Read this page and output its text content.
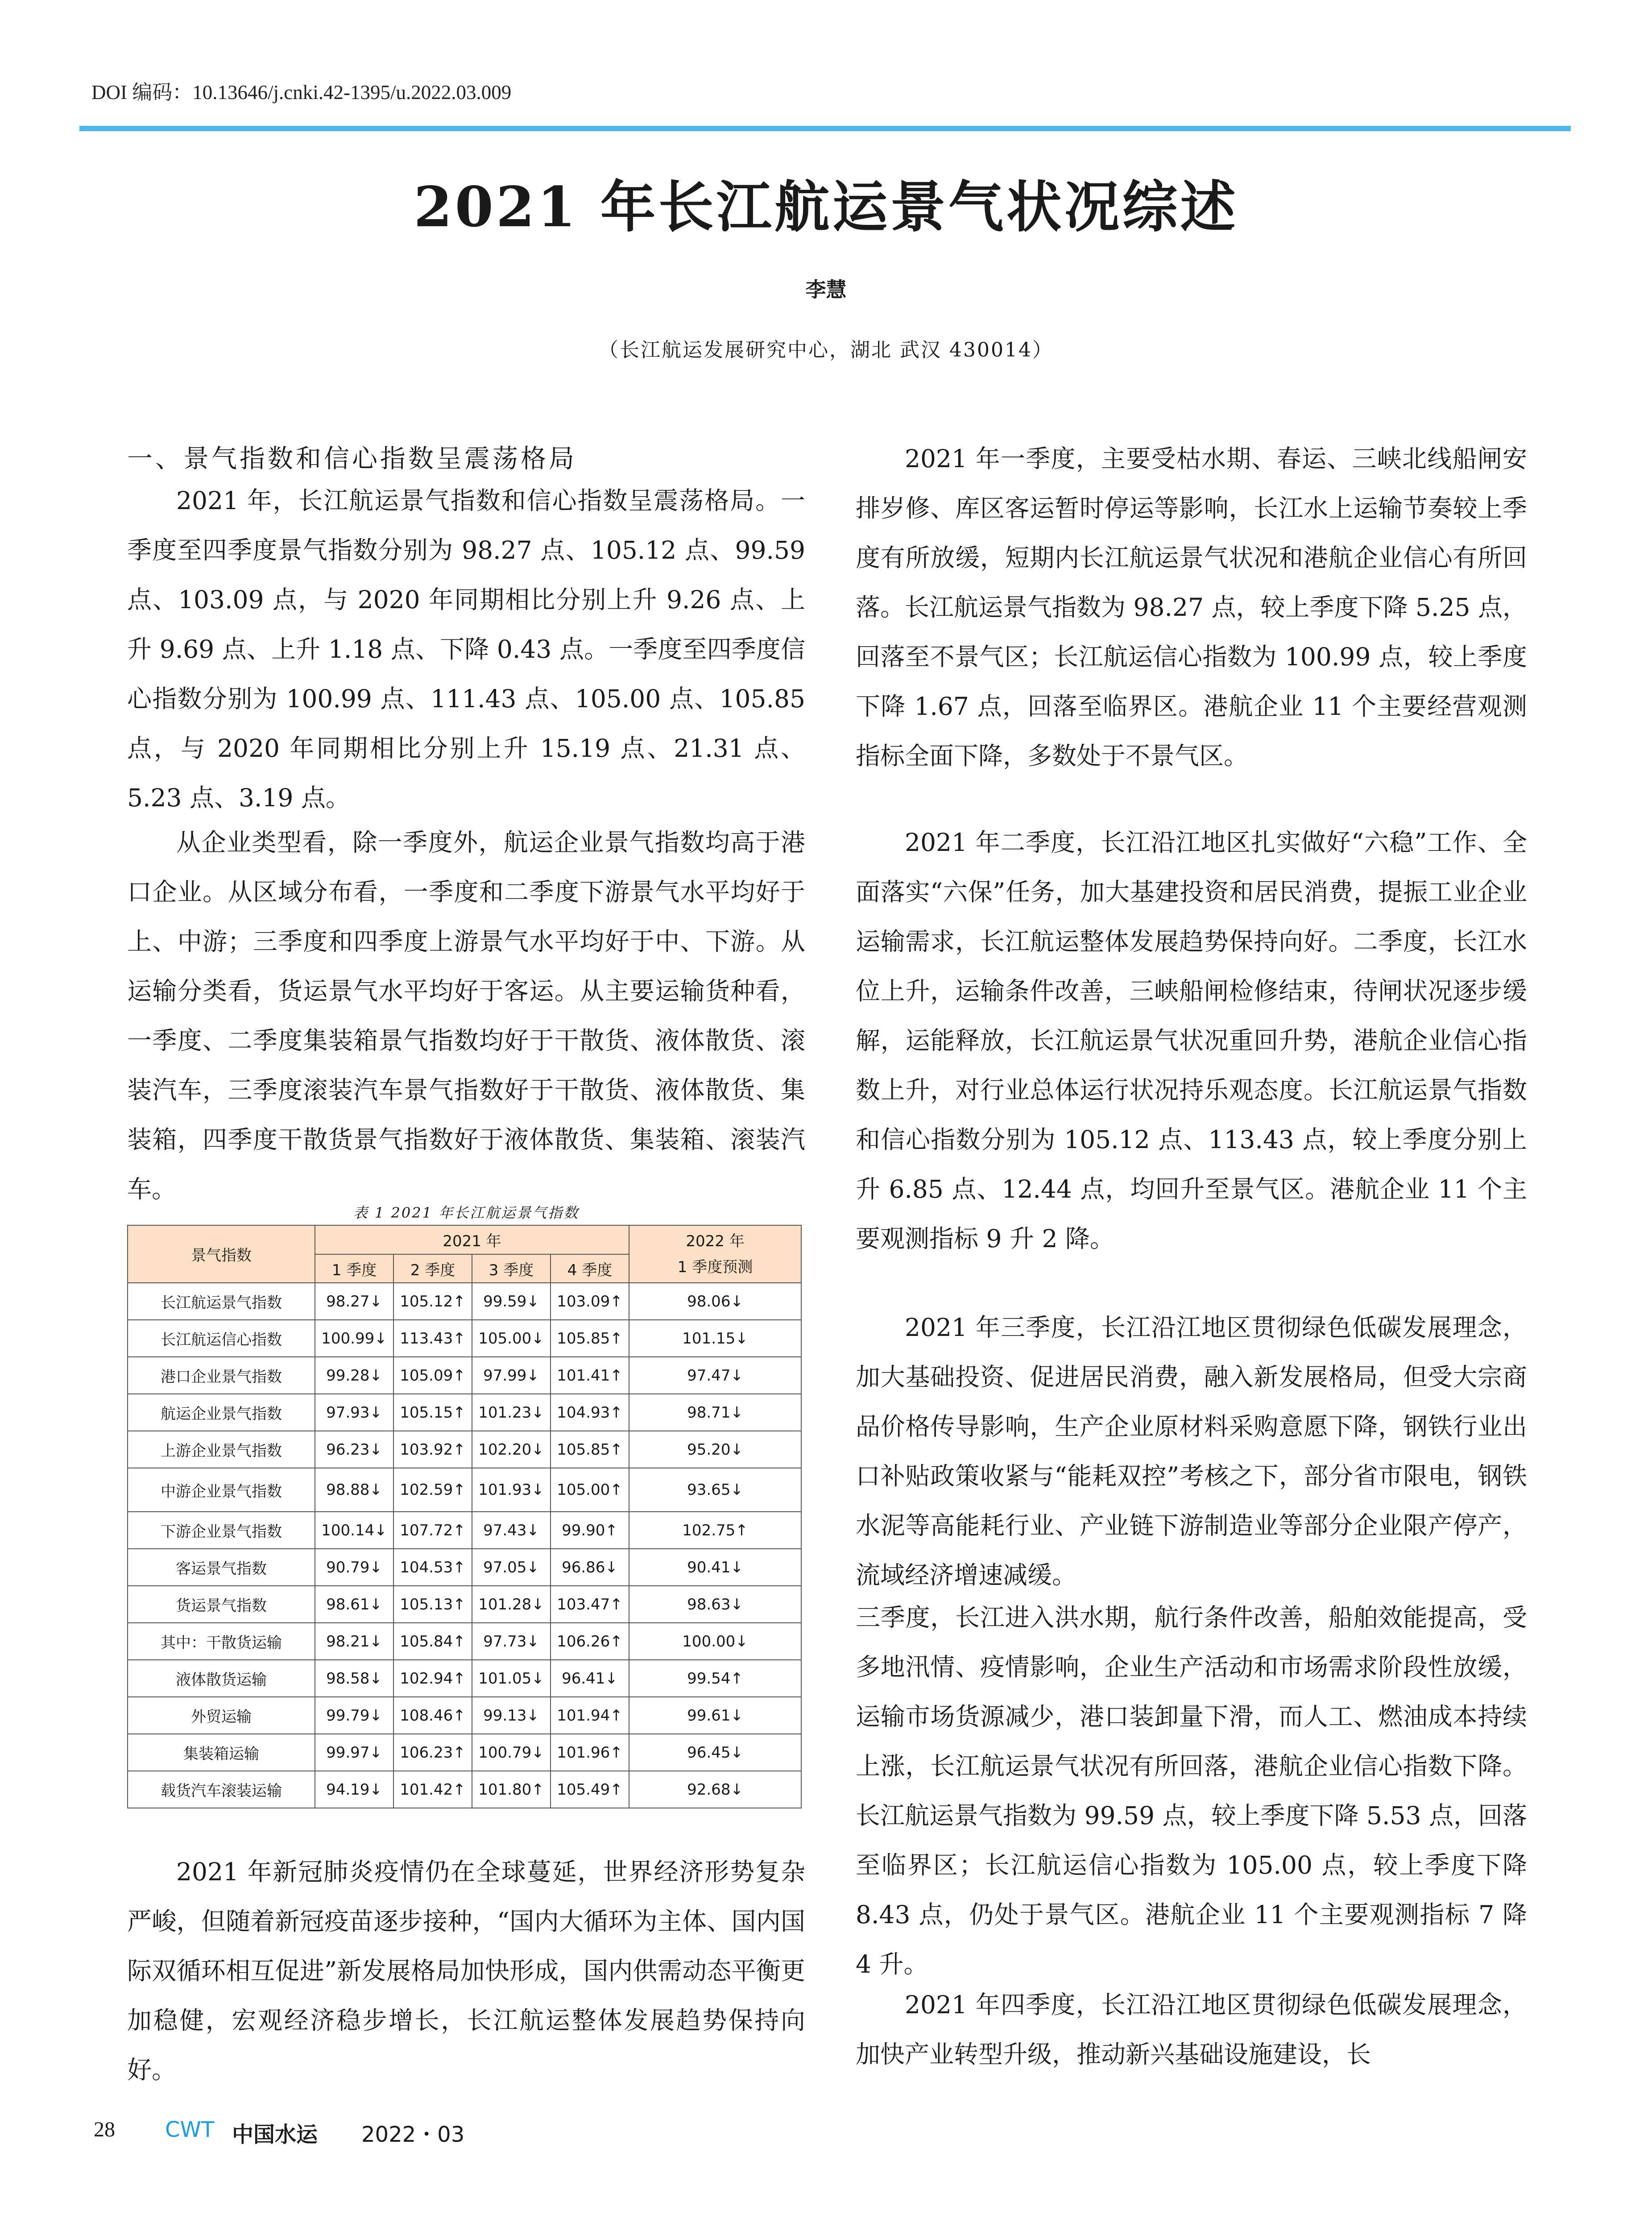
DOI 编码：10.13646/j.cnki.42-1395/u.2022.03.009
2021 年长江航运景气状况综述
李慧
（长江航运发展研究中心，湖北 武汉 430014）
一、景气指数和信心指数呈震荡格局

2021 年，长江航运景气指数和信心指数呈震荡格局。一季度至四季度景气指数分别为 98.27 点、105.12 点、99.59 点、103.09 点，与 2020 年同期相比分别上升 9.26 点、上升 9.69 点、上升 1.18 点、下降 0.43 点。一季度至四季度信心指数分别为 100.99 点、111.43 点、105.00 点、105.85 点，与 2020 年同期相比分别上升 15.19 点、21.31 点、5.23 点、3.19 点。

从企业类型看，除一季度外，航运企业景气指数均高于港口企业。从区域分布看，一季度和二季度下游景气水平均好于上、中游；三季度和四季度上游景气水平均好于中、下游。从运输分类看，货运景气水平均好于客运。从主要运输货种看，一季度、二季度集装箱景气指数均好于干散货、液体散货、滚装汽车，三季度滚装汽车景气指数好于干散货、液体散货、集装箱，四季度干散货景气指数好于液体散货、集装箱、滚装汽车。

表 1 2021 年长江航运景气指数
景气指数	2021 年				2022 年
1 季度预测
	1 季度	2 季度	3 季度	4 季度	
长江航运景气指数	98.27↓	105.12↑	99.59↓	103.09↑	98.06↓
长江航运信心指数	100.99↓	113.43↑	105.00↓	105.85↑	101.15↓
港口企业景气指数	99.28↓	105.09↑	97.99↓	101.41↑	97.47↓
航运企业景气指数	97.93↓	105.15↑	101.23↓	104.93↑	98.71↓
上游企业景气指数	96.23↓	103.92↑	102.20↓	105.85↑	95.20↓
中游企业景气指数	98.88↓	102.59↑	101.93↓	105.00↑	93.65↓
下游企业景气指数	100.14↓	107.72↑	97.43↓	99.90↑	102.75↑
客运景气指数	90.79↓	104.53↑	97.05↓	96.86↓	90.41↓
货运景气指数	98.61↓	105.13↑	101.28↓	103.47↑	98.63↓
其中：干散货运输	98.21↓	105.84↑	97.73↓	106.26↑	100.00↓
液体散货运输	98.58↓	102.94↑	101.05↓	96.41↓	99.54↑
外贸运输	99.79↓	108.46↑	99.13↓	101.94↑	99.61↓
集装箱运输	99.97↓	106.23↑	100.79↓	101.96↑	96.45↓
载货汽车滚装运输	94.19↓	101.42↑	101.80↑	105.49↑	92.68↓

2021 年新冠肺炎疫情仍在全球蔓延，世界经济形势复杂严峻，但随着新冠疫苗逐步接种，“国内大循环为主体、国内国际双循环相互促进”新发展格局加快形成，国内供需动态平衡更加稳健，宏观经济稳步增长，长江航运整体发展趋势保持向好。

2021 年一季度，主要受枯水期、春运、三峡北线船闸安排岁修、库区客运暂时停运等影响，长江水上运输节奏较上季度有所放缓，短期内长江航运景气状况和港航企业信心有所回落。长江航运景气指数为 98.27 点，较上季度下降 5.25 点，回落至不景气区；长江航运信心指数为 100.99 点，较上季度下降 1.67 点，回落至临界区。港航企业 11 个主要经营观测指标全面下降，多数处于不景气区。

2021 年二季度，长江沿江地区扎实做好“六稳”工作、全面落实“六保”任务，加大基建投资和居民消费，提振工业企业运输需求，长江航运整体发展趋势保持向好。二季度，长江水位上升，运输条件改善，三峡船闸检修结束，待闸状况逐步缓解，运能释放，长江航运景气状况重回升势，港航企业信心指数上升，对行业总体运行状况持乐观态度。长江航运景气指数和信心指数分别为 105.12 点、113.43 点，较上季度分别上升 6.85 点、12.44 点，均回升至景气区。港航企业 11 个主要观测指标 9 升 2 降。

2021 年三季度，长江沿江地区贯彻绿色低碳发展理念，加大基础投资、促进居民消费，融入新发展格局，但受大宗商品价格传导影响，生产企业原材料采购意愿下降，钢铁行业出口补贴政策收紧与“能耗双控”考核之下，部分省市限电，钢铁水泥等高能耗行业、产业链下游制造业等部分企业限产停产，流域经济增速减缓。

三季度，长江进入洪水期，航行条件改善，船舶效能提高，受多地汛情、疫情影响，企业生产活动和市场需求阶段性放缓，运输市场货源减少，港口装卸量下滑，而人工、燃油成本持续上涨，长江航运景气状况有所回落，港航企业信心指数下降。长江航运景气指数为 99.59 点，较上季度下降 5.53 点，回落至临界区；长江航运信心指数为 105.00 点，较上季度下降 8.43 点，仍处于景气区。港航企业 11 个主要观测指标 7 降 4 升。

2021 年四季度，长江沿江地区贯彻绿色低碳发展理念，加快产业转型升级，推动新兴基础设施建设，长

28 CWT 中国水运 2022・03
